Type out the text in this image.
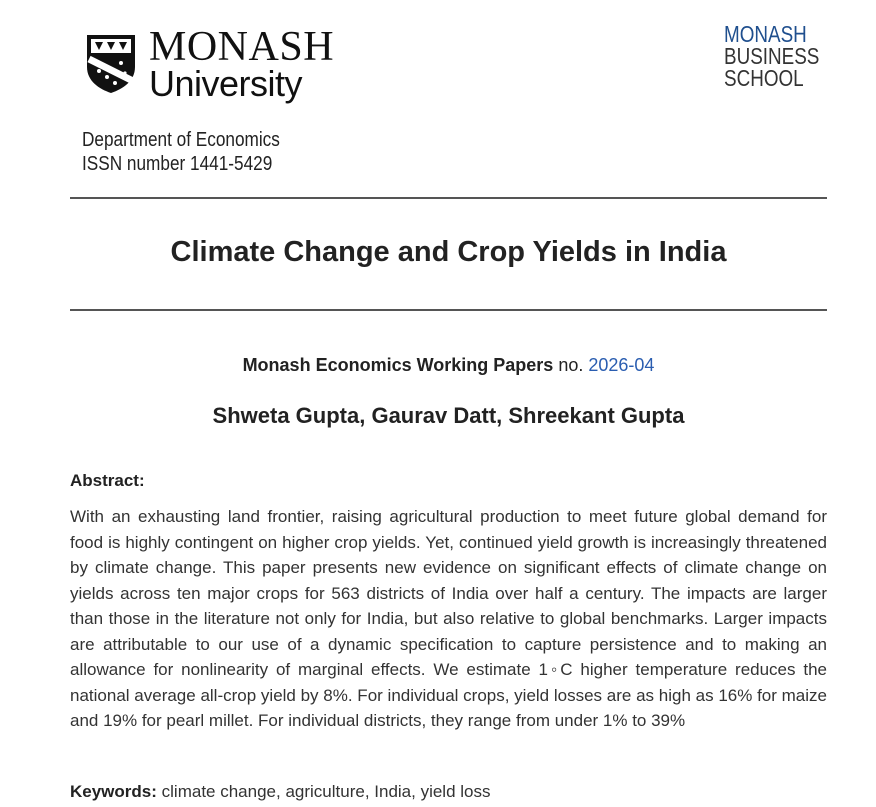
MONASH
University
MONASH
BUSINESS
SCHOOL
Department of Economics
ISSN number 1441-5429
Climate Change and Crop Yields in India
Monash Economics Working Papers no. 2026-04
Shweta Gupta, Gaurav Datt, Shreekant Gupta
Abstract:
With an exhausting land frontier, raising agricultural production to meet future global demand for food is highly contingent on higher crop yields. Yet, continued yield growth is increasingly threatened by climate change. This paper presents new evidence on significant effects of climate change on yields across ten major crops for 563 districts of India over half a century. The impacts are larger than those in the literature not only for India, but also relative to global benchmarks. Larger impacts are attributable to our use of a dynamic specification to capture persistence and to making an allowance for nonlinearity of marginal effects. We estimate 1◦C higher temperature reduces the national average all-crop yield by 8%. For individual crops, yield losses are as high as 16% for maize and 19% for pearl millet. For individual districts, they range from under 1% to 39%
Keywords: climate change, agriculture, India, yield loss
